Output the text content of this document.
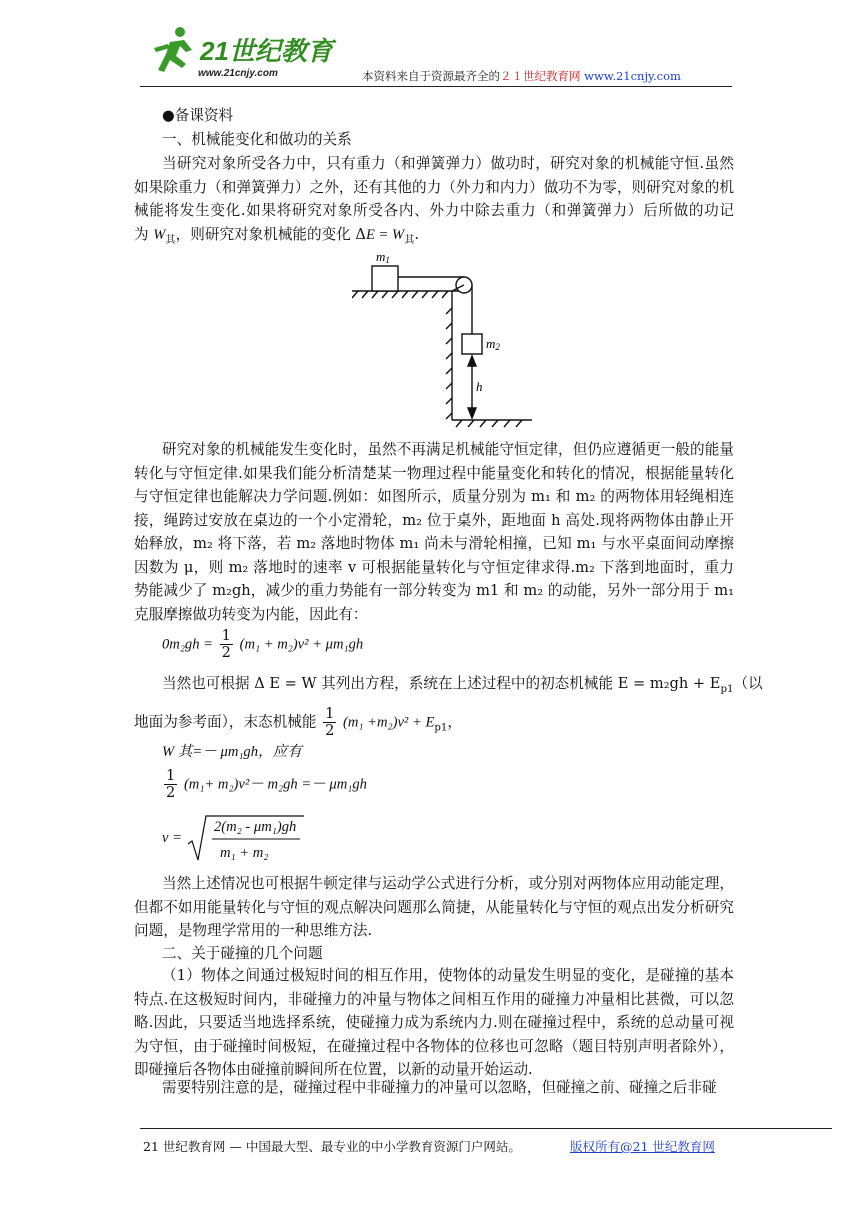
21世纪教育
www.21cnjy.com	本资料来自于资源最齐全的２１世纪教育网 www.21cnjy.com
●备课资料
一、机械能变化和做功的关系
当研究对象所受各力中，只有重力（和弹簧弹力）做功时，研究对象的机械能守恒.虽然如果除重力（和弹簧弹力）之外，还有其他的力（外力和内力）做功不为零，则研究对象的机械能将发生变化.如果将研究对象所受各内、外力中除去重力（和弹簧弹力）后所做的功记为 $W_其$，则研究对象机械能的变化 $\Delta E = W_其$.
m1
m2
h
研究对象的机械能发生变化时，虽然不再满足机械能守恒定律，但仍应遵循更一般的能量转化与守恒定律.如果我们能分析清楚某一物理过程中能量变化和转化的情况，根据能量转化与守恒定律也能解决力学问题.例如：如图所示，质量分别为 m₁ 和 m₂ 的两物体用轻绳相连接，绳跨过安放在桌边的一个小定滑轮，m₂ 位于桌外，距地面 h 高处.现将两物体由静止开始释放，m₂ 将下落，若 m₂ 落地时物体 m₁ 尚未与滑轮相撞，已知 m₁ 与水平桌面间动摩擦因数为 μ，则 m₂ 落地时的速率 v 可根据能量转化与守恒定律求得.m₂ 下落到地面时，重力势能减少了 m₂gh，减少的重力势能有一部分转变为 m1 和 m₂ 的动能，另外一部分用于 m₁ 克服摩擦做功转变为内能，因此有：
$0m_2gh = \frac{1}{2} (m_1 + m_2)v^2 + \mu m_1gh$
当然也可根据 Δ E = W 其列出方程，系统在上述过程中的初态机械能 $E = m_2gh + E_{p1}$（以
地面为参考面），末态机械能 $\frac{1}{2} (m_1 +m_2)v^2 + E_{p1}$，
W 其=－ μm₁gh，应有
$\frac{1}{2} (m_1+ m_2)v^2- m_2gh =- \mu m_1gh$
v =
2(m₂ - μm₁)gh
m₁ + m₂
当然上述情况也可根据牛顿定律与运动学公式进行分析，或分别对两物体应用动能定理，但都不如用能量转化与守恒的观点解决问题那么简捷，从能量转化与守恒的观点出发分析研究问题，是物理学常用的一种思维方法.
二、关于碰撞的几个问题
（1）物体之间通过极短时间的相互作用，使物体的动量发生明显的变化，是碰撞的基本特点.在这极短时间内，非碰撞力的冲量与物体之间相互作用的碰撞力冲量相比甚微，可以忽略.因此，只要适当地选择系统，使碰撞力成为系统内力.则在碰撞过程中，系统的总动量可视为守恒，由于碰撞时间极短，在碰撞过程中各物体的位移也可忽略（题目特别声明者除外），即碰撞后各物体由碰撞前瞬间所在位置，以新的动量开始运动.
需要特别注意的是，碰撞过程中非碰撞力的冲量可以忽略，但碰撞之前、碰撞之后非碰
21 世纪教育网 — 中国最大型、最专业的中小学教育资源门户网站。	版权所有@21 世纪教育网
